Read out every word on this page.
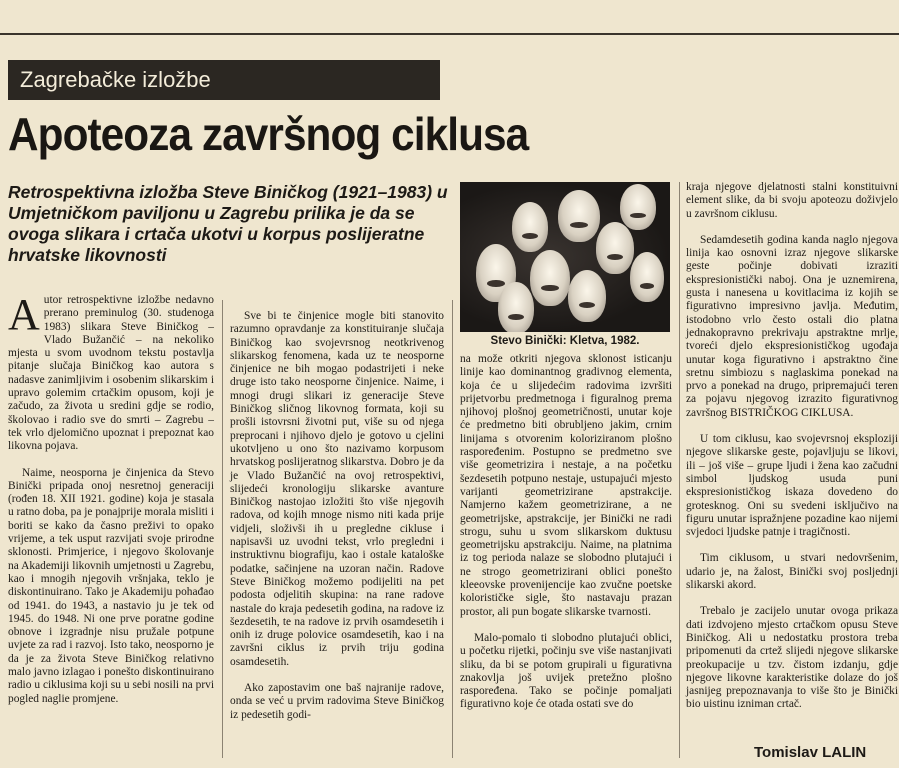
Zagrebačke izložbe
Apoteoza završnog ciklusa

Retrospektivna izložba Steve Biničkog (1921–1983) u Umjetničkom paviljonu u Zagrebu prilika je da se ovoga slikara i crtača ukotvi u korpus poslijeratne hrvatske likovnosti

Autor retrospektivne izložbe nedavno prerano preminulog (30. studenoga 1983) slikara Steve Biničkog – Vlado Bužančić – na nekoliko mjesta u svom uvodnom tekstu postavlja pitanje slučaja Biničkog kao autora s nadasve zanimljivim i osobenim slikarskim i upravo golemim crtačkim opusom, koji je začudo, za života u sredini gdje se rodio, školovao i radio sve do smrti – Zagrebu – tek vrlo djelomično upoznat i prepoznat kao likovna pojava.

Naime, neosporna je činjenica da Stevo Binički pripada onoj nesretnoj generaciji (rođen 18. XII 1921. godine) koja je stasala u ratno doba, pa je ponajprije morala misliti i boriti se kako da časno preživi to opako vrijeme, a tek usput razvijati svoje prirodne sklonosti. Primjerice, i njegovo školovanje na Akademiji likovnih umjetnosti u Zagrebu, kao i mnogih njegovih vršnjaka, teklo je diskontinuirano. Tako je Akademiju pohađao od 1941. do 1943, a nastavio ju je tek od 1945. do 1948. Ni one prve poratne godine obnove i izgradnje nisu pružale potpune uvjete za rad i razvoj. Isto tako, neosporno je da je za života Steve Biničkog relativno malo javno izlagao i ponešto diskontinuirano radio u ciklusima koji su u sebi nosili na prvi pogled naglie promjene.

Sve bi te činjenice mogle biti stanovito razumno opravdanje za konstituiranje slučaja Biničkog kao svojevrsnog neotkrivenog slikarskog fenomena, kada uz te neosporne činjenice ne bih mogao podastrijeti i neke druge isto tako neosporne činjenice. Naime, i mnogi drugi slikari iz generacije Steve Biničkog sličnog likovnog formata, koji su prošli istovrsni životni put, više su od njega preprocani i njihovo djelo je gotovo u cjelini ukotvljeno u ono što nazivamo korpusom hrvatskog poslijeratnog slikarstva. Dobro je da je Vlado Bužančić na ovoj retrospektivi, slijedeći kronologiju slikarske avanture Biničkog nastojao izložiti što više njegovih radova, od kojih mnoge nismo niti kada prije vidjeli, složivši ih u preglednе cikluse i napisavši uz uvodni tekst, vrlo pregledni i instruktivnu biografiju, kao i ostale kataloške podatke, sačinjene na uzoran način. Radove Steve Biničkog možemo podijeliti na pet podosta odjelitih skupina: na rane radove nastale do kraja pedesetih godina, na radove iz šezdesetih, te na radove iz prvih osamdesetih i onih iz druge polovice osamdesetih, kao i na završni ciklus iz prvih triju godina osamdesetih.

Ako zapostavim one baš najranije radove, onda se već u prvim radovima Steve Biničkog iz pedesetih godi-

Stevo Binički: Kletva, 1982.

na može otkriti njegova sklonost isticanju linije kao dominantnog gradivnog elementa, koja će u slijedećim radovima izvršiti prijetvorbu predmetnoga i figuralnog prema njihovoj plošnoj geometričnosti, unutar koje će predmetno biti obrubljeno jakim, crnim linijama s otvorenim koloriziranom plošno raspoređenim. Postupno se predmetno sve više geometrizira i nestaje, a na početku šezdesetih potpuno nestaje, ustupajući mjesto varijanti geometrizirane apstrakcije. Namjerno kažem geometrizirane, a ne geometrijske, apstrakcije, jer Binički ne radi strogu, suhu u svom slikarskom duktusu geometrijsku apstrakciju. Naime, na platnima iz tog perioda nalaze se slobodno plutajući i ne strogo geometrizirani oblici ponešto kleeovske provenijencije kao zvučne poetske kolorističke sigle, što nastavaju prazan prostor, ali pun bogate slikarske tvarnosti.

Malo-pomalo ti slobodno plutajući oblici, u početku rijetki, počinju sve više nastanjivati sliku, da bi se potom grupirali u figurativna znakovlja još uvijek pretežno plošno raspoređena. Tako se počinje pomaljati figurativno koje će otada ostati sve do

kraja njegove djelatnosti stalni konstituivni element slike, da bi svoju apoteozu doživjelo u završnom ciklusu.

Sedamdesetih godina kanda naglo njegova linija kao osnovni izraz njegove slikarske geste počinje dobivati izraziti ekspresionistički naboj. Ona je uznemirena, gusta i nanesena u kovitlacima iz kojih se figurativno impresivno javlja. Međutim, istodobno vrlo često ostali dio platna jednakopravno prekrivaju apstraktne mrlje, tvoreći djelo ekspresionističkog ugođaja unutar koga figurativno i apstraktno čine sretnu simbiozu s naglaskima ponekad na prvo a ponekad na drugo, pripremajući teren za pojavu njegovog izrazito figurativnog završnog BISTRIČKOG CIKLUSA.

U tom ciklusu, kao svojevrsnoj eksploziji njegove slikarske geste, pojavljuju se likovi, ili – još više – grupe ljudi i žena kao začudni simbol ljudskog usuda puni ekspresionističkog iskaza dovedeno do grotesknog. Oni su svedeni isključivo na figuru unutar ispražnjene pozadine kao nijemi svjedoci ljudske patnje i tragičnosti.

Tim ciklusom, u stvari nedovršenim, udario je, na žalost, Binički svoj posljednji slikarski akord.

Trebalo je zacijelo unutar ovoga prikaza dati izdvojeno mjesto crtačkom opusu Steve Biničkog. Ali u nedostatku prostora treba pripomenuti da crtež slijedi njegove slikarske preokupacije u tzv. čistom izdanju, gdje njegove likovne karakteristike dolaze do još jasnijeg prepoznavanja to više što je Binički bio uistinu izniman crtač.

Tomislav LALIN
